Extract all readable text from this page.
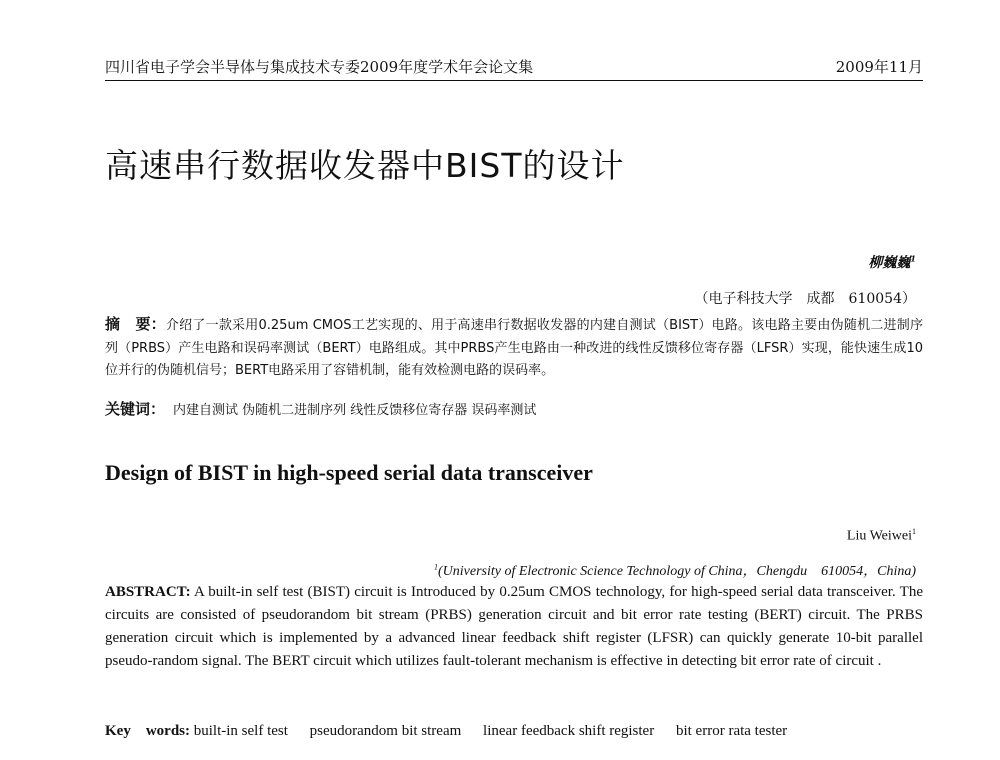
四川省电子学会半导体与集成技术专委2009年度学术年会论文集	2009年11月
高速串行数据收发器中BIST的设计
柳巍巍$^1$
（电子科技大学　成都　610054）
摘　要：介绍了一款采用0.25um CMOS工艺实现的、用于高速串行数据收发器的内建自测试（BIST）电路。该电路主要由伪随机二进制序列（PRBS）产生电路和误码率测试（BERT）电路组成。其中PRBS产生电路由一种改进的线性反馈移位寄存器（LFSR）实现，能快速生成10位并行的伪随机信号；BERT电路采用了容错机制，能有效检测电路的误码率。
关键词： 内建自测试 伪随机二进制序列 线性反馈移位寄存器 误码率测试
Design of BIST in high-speed serial data transceiver
Liu Weiwei$^1$
$^1$(University of Electronic Science Technology of China，Chengdu　610054，China)
ABSTRACT: A built-in self test (BIST) circuit is Introduced by 0.25um CMOS technology, for high-speed serial data transceiver. The circuits are consisted of pseudorandom bit stream (PRBS) generation circuit and bit error rate testing (BERT) circuit. The PRBS generation circuit which is implemented by a advanced linear feedback shift register (LFSR) can quickly generate 10-bit parallel pseudo-random signal. The BERT circuit which utilizes fault-tolerant mechanism is effective in detecting bit error rate of circuit .
Key　words: built-in self test pseudorandom bit stream linear feedback shift register bit error rata tester
